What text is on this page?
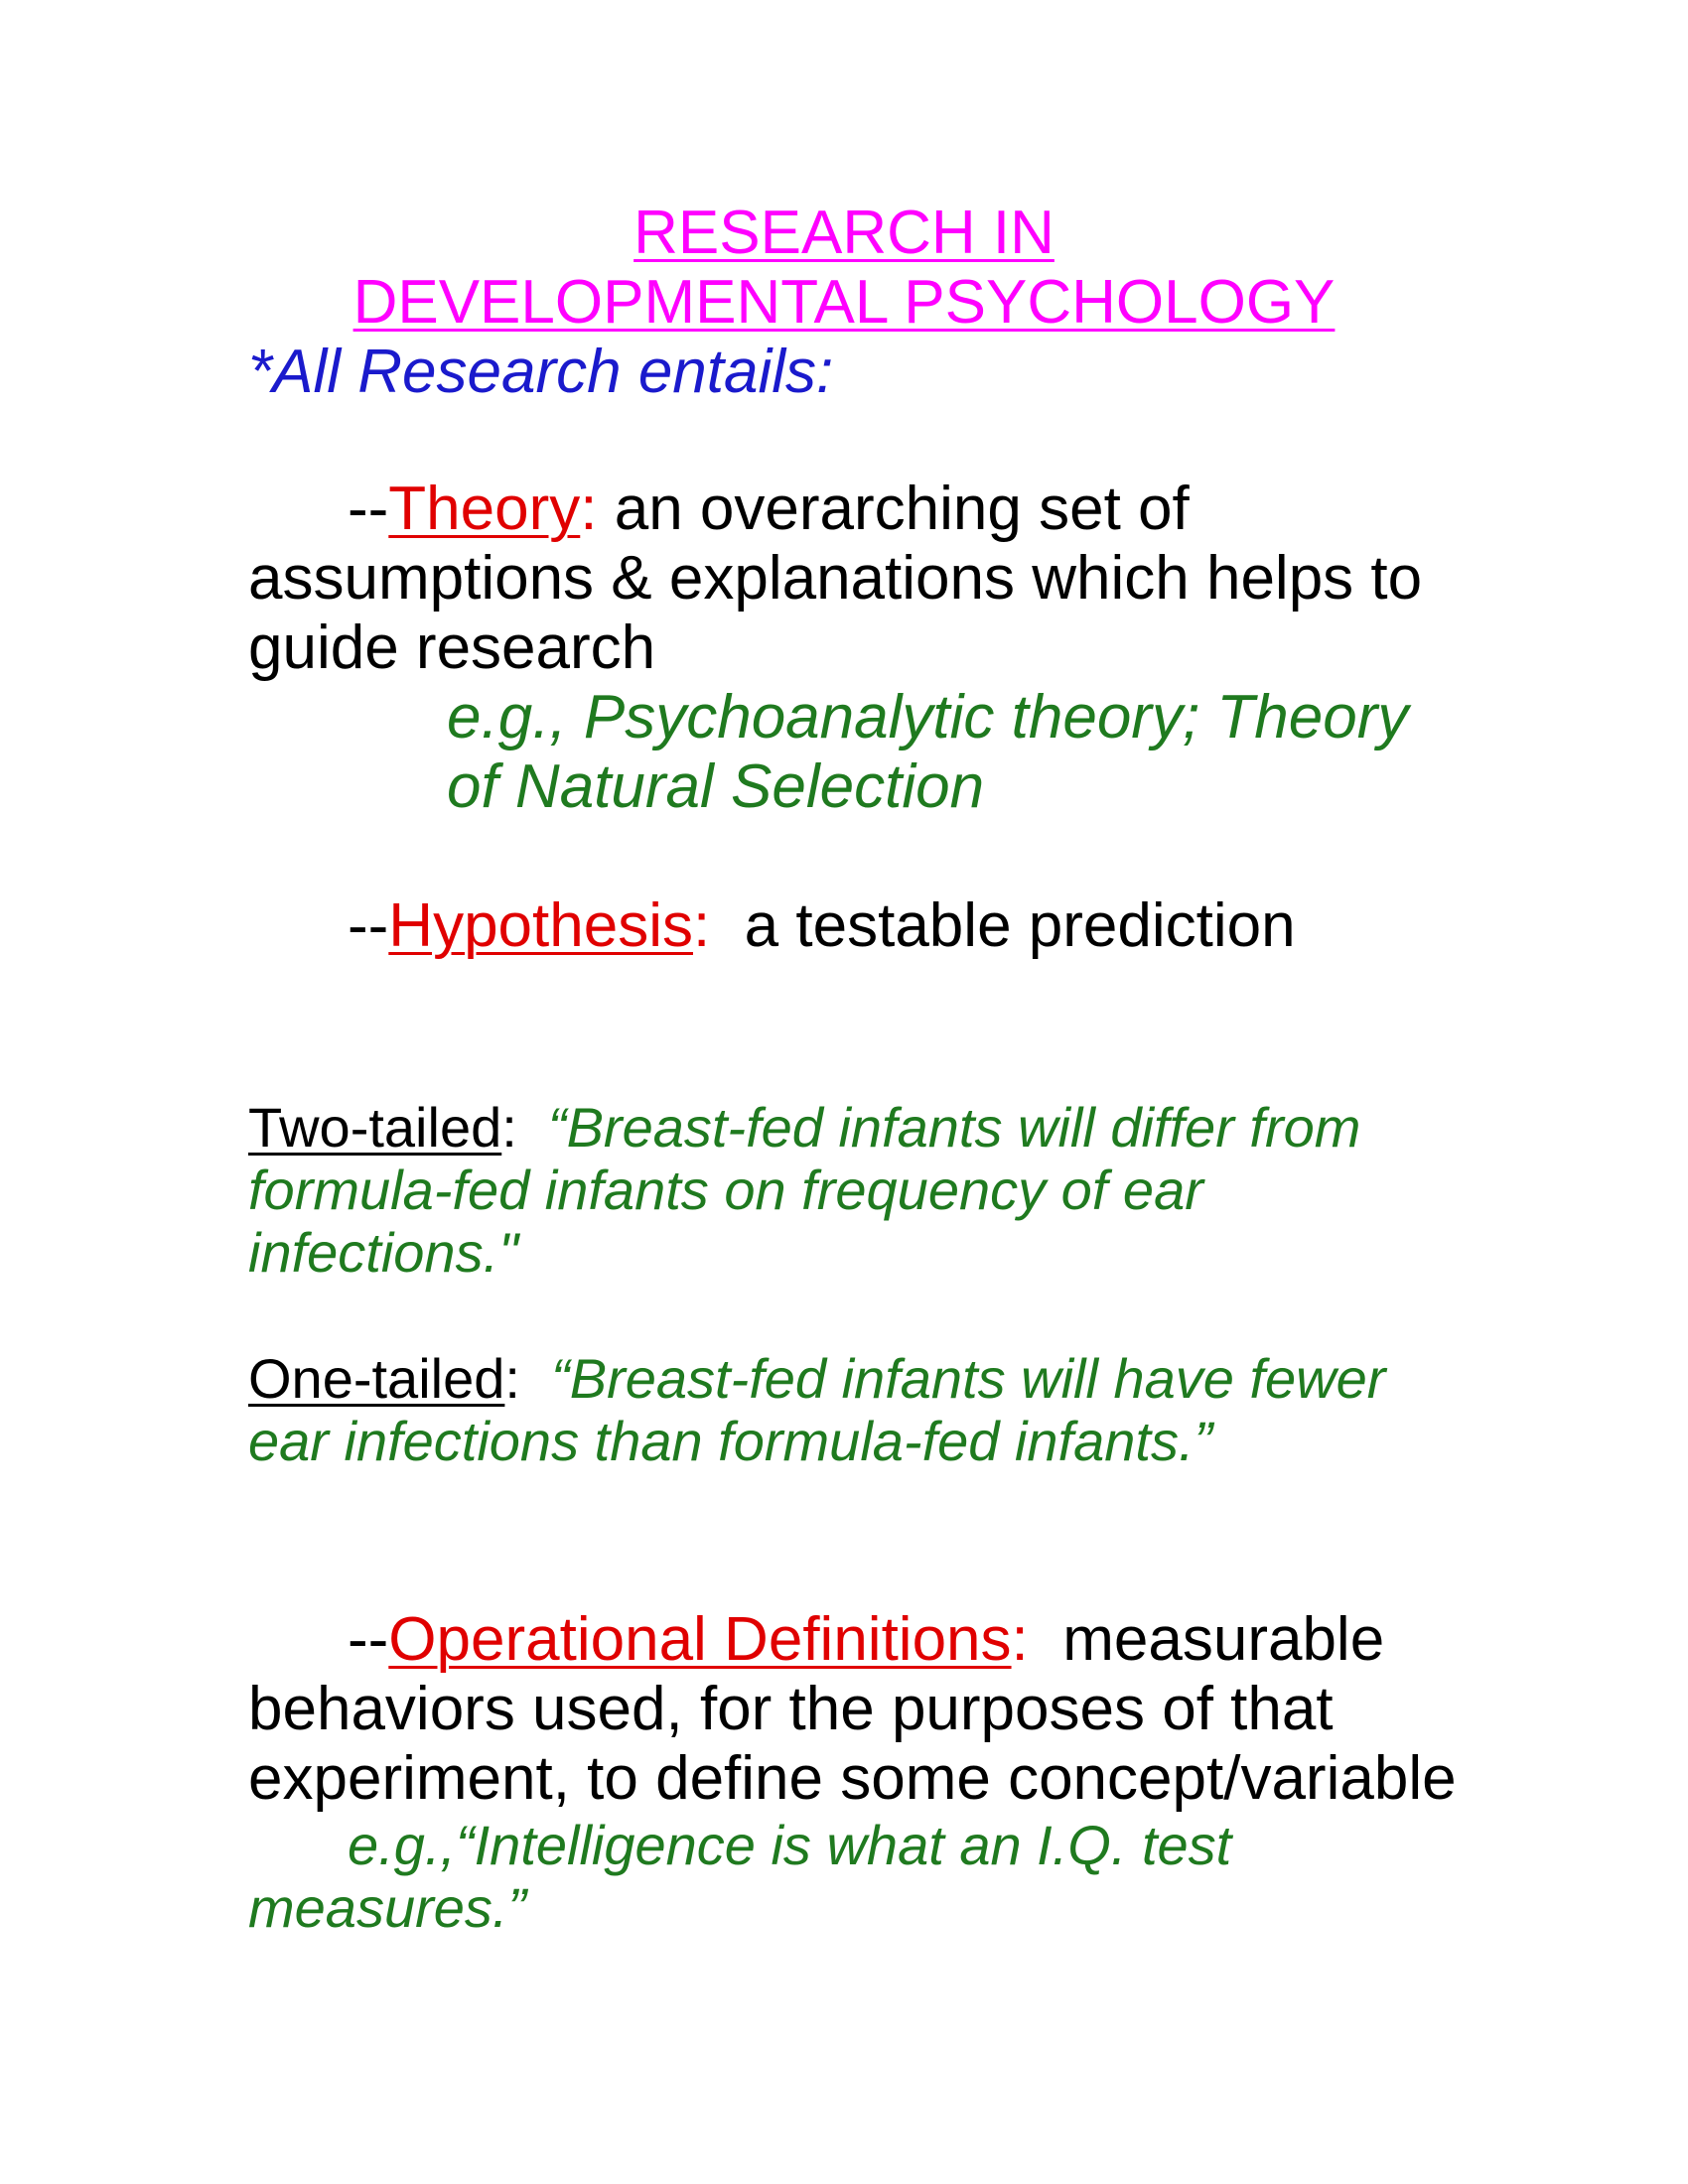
RESEARCH IN
DEVELOPMENTAL PSYCHOLOGY
*All Research entails:
--Theory: an overarching set of
assumptions & explanations which helps to
guide research
e.g., Psychoanalytic theory; Theory
of Natural Selection
--Hypothesis:  a testable prediction
Two-tailed:  “Breast-fed infants will differ from
formula-fed infants on frequency of ear
infections."
One-tailed:  “Breast-fed infants will have fewer
ear infections than formula-fed infants.”
--Operational Definitions:  measurable
behaviors used, for the purposes of that
experiment, to define some concept/variable
e.g.,“Intelligence is what an I.Q. test
measures.”
